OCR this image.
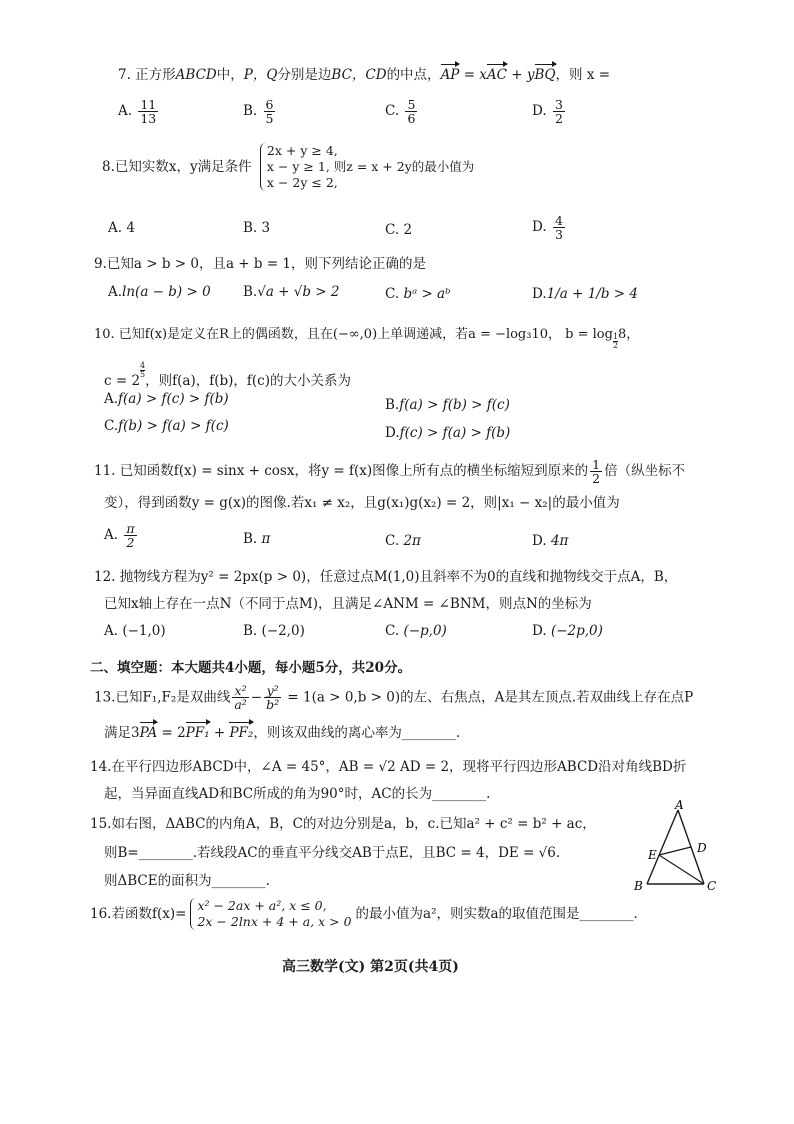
7. 正方形ABCD中，P，Q分别是边BC，CD的中点，AP = xAC + yBQ，则 x =
A. $\frac{11}{13}$	B. $\frac{6}{5}$	C. $\frac{5}{6}$	D. $\frac{3}{2}$
8.已知实数x，y满足条件
2x + y ≥ 4,
x − y ≥ 1, 则z = x + 2y的最小值为
x − 2y ≤ 2,
A. 4	B. 3	C. 2	D. $\frac{4}{3}$
9.已知a > b > 0，且a + b = 1，则下列结论正确的是
A.ln(a − b) > 0 B.√a + √b > 2	C. bᵃ > aᵇ	D.1/a + 1/b > 4
10. 已知f(x)是定义在R上的偶函数，且在(−∞,0)上单调递减，若a = −log₃10， $b = \log \frac{1}{2} 8$，
c = 2
$\frac{4}{5}$
，则f(a)，f(b)，f(c)的大小关系为
A.f(a) > f(c) > f(b)	B.f(a) > f(b) > f(c)
C.f(b) > f(a) > f(c)	D.f(c) > f(a) > f(b)
11. 已知函数f(x) = sinx + cosx，将y = f(x)图像上所有点的横坐标缩短到原来的 $\frac{1}{2}$ 倍（纵坐标不
变），得到函数y = g(x)的图像.若x₁ ≠ x₂，且g(x₁)g(x₂) = 2，则|x₁ − x₂|的最小值为
A. $\frac{\pi}{2}$	B. π	C. 2π	D. 4π
12. 抛物线方程为y² = 2px(p > 0)，任意过点M(1,0)且斜率不为0的直线和抛物线交于点A，B，
已知x轴上存在一点N（不同于点M)，且满足∠ANM = ∠BNM，则点N的坐标为
A. (−1,0)	B. (−2,0)	C. (−p,0)	D. (−2p,0)
二、填空题：本大题共4小题，每小题5分，共20分。
13.已知F₁,F₂是双曲线 $\frac{\text{x²}}{\text{a²}} - \frac{\text{y²}}{\text{b²}} = 1(a > 0,b > 0)$的左、右焦点，A是其左顶点.若双曲线上存在点P
满足3PA = 2PF₁ + PF₂，则该双曲线的离心率为________.
14.在平行四边形ABCD中，∠A = 45°，AB = √2 AD = 2，现将平行四边形ABCD沿对角线BD折
起，当异面直线AD和BC所成的角为90°时，AC的长为________.
15.如右图，ΔABC的内角A，B，C的对边分别是a，b，c.已知a² + c² = b² + ac，
则B=________.若线段AC的垂直平分线交AB于点E，且BC = 4，DE = √6.
则ΔBCE的面积为________.
A
B	C
D
E
16.若函数f(x)=
x² − 2ax + a², x ≤ 0,
2x − 2lnx + 4 + a, x > 0 的最小值为a²，则实数a的取值范围是________.
高三数学(文) 第2页(共4页)
